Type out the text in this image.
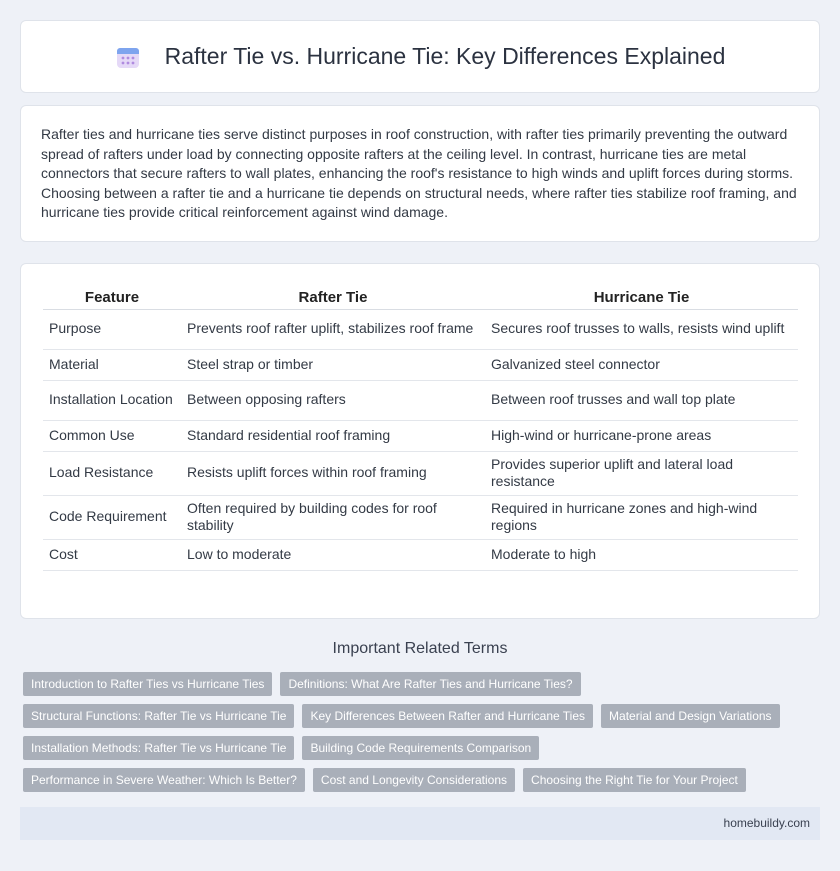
Rafter Tie vs. Hurricane Tie: Key Differences Explained

Rafter ties and hurricane ties serve distinct purposes in roof construction, with rafter ties primarily preventing the outward spread of rafters under load by connecting opposite rafters at the ceiling level. In contrast, hurricane ties are metal connectors that secure rafters to wall plates, enhancing the roof's resistance to high winds and uplift forces during storms. Choosing between a rafter tie and a hurricane tie depends on structural needs, where rafter ties stabilize roof framing, and hurricane ties provide critical reinforcement against wind damage.

Feature	Rafter Tie	Hurricane Tie
Purpose	Prevents roof rafter uplift, stabilizes roof frame	Secures roof trusses to walls, resists wind uplift
Material	Steel strap or timber	Galvanized steel connector
Installation Location	Between opposing rafters	Between roof trusses and wall top plate
Common Use	Standard residential roof framing	High-wind or hurricane-prone areas
Load Resistance	Resists uplift forces within roof framing	Provides superior uplift and lateral load resistance
Code Requirement	Often required by building codes for roof stability	Required in hurricane zones and high-wind regions
Cost	Low to moderate	Moderate to high
Important Related Terms
Introduction to Rafter Ties vs Hurricane Ties	Definitions: What Are Rafter Ties and Hurricane Ties?
Structural Functions: Rafter Tie vs Hurricane Tie	Key Differences Between Rafter and Hurricane Ties	Material and Design Variations
Installation Methods: Rafter Tie vs Hurricane Tie	Building Code Requirements Comparison
Performance in Severe Weather: Which Is Better?	Cost and Longevity Considerations	Choosing the Right Tie for Your Project
homebuildy.com
